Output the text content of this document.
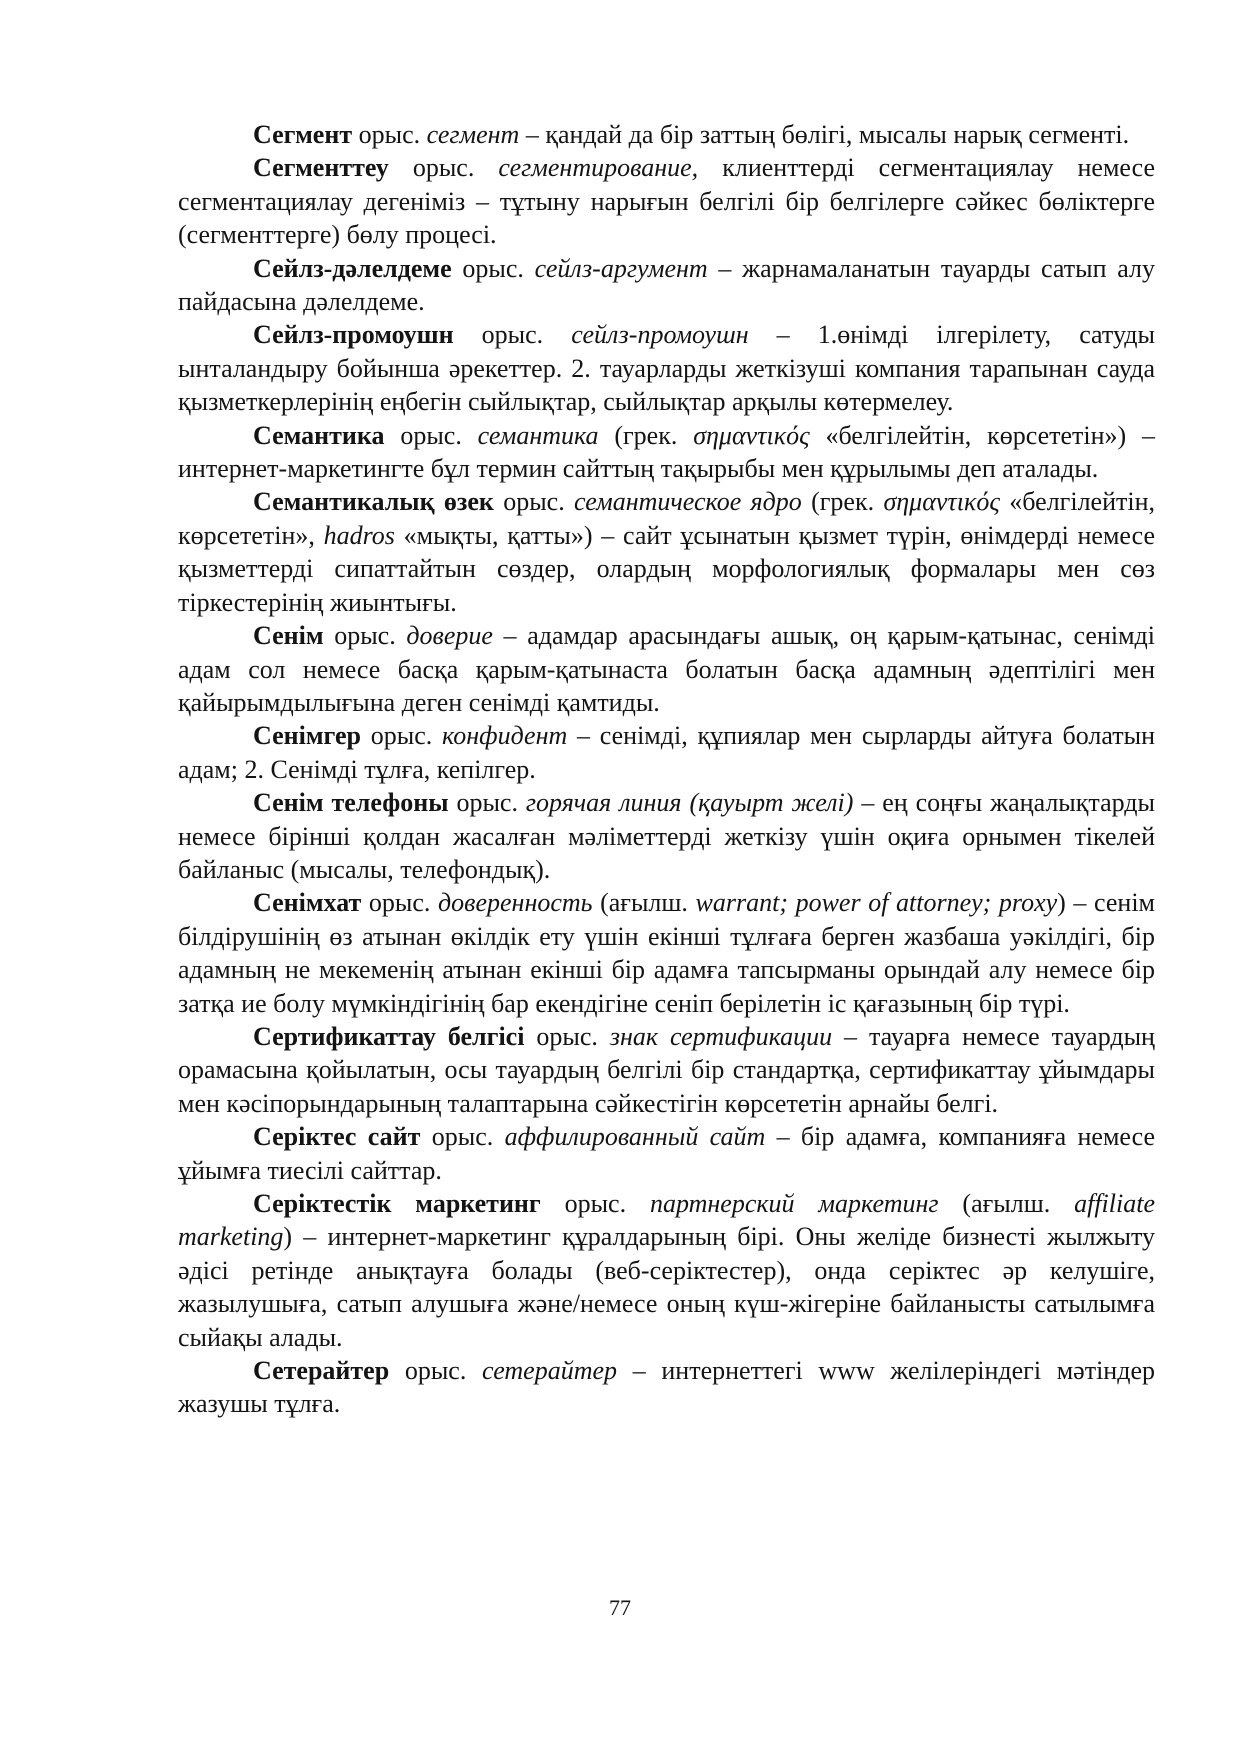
Сегмент орыс. сегмент – қандай да бір заттың бөлігі, мысалы нарық сегменті.

Сегменттеу орыс. сегментирование, клиенттерді сегментациялау немесе сегментациялау дегеніміз – тұтыну нарығын белгілі бір белгілерге сәйкес бөліктерге (сегменттерге) бөлу процесі.

Сейлз-дәлелдеме орыс. сейлз-аргумент – жарнамаланатын тауарды сатып алу пайдасына дәлелдеме.

Сейлз-промоушн орыс. сейлз-промоушн – 1.өнімді ілгерілету, сатуды ынталандыру бойынша әрекеттер. 2. тауарларды жеткізуші компания тарапынан сауда қызметкерлерінің еңбегін сыйлықтар, сыйлықтар арқылы көтермелеу.

Семантика орыс. семантика (грек. σημαντικός «белгілейтін, көрсететін») – интернет-маркетингте бұл термин сайттың тақырыбы мен құрылымы деп аталады.

Семантикалық өзек орыс. семантическое ядро (грек. σημαντικός «белгілейтін, көрсететін», hadros «мықты, қатты») – сайт ұсынатын қызмет түрін, өнімдерді немесе қызметтерді сипаттайтын сөздер, олардың морфологиялық формалары мен сөз тіркестерінің жиынтығы.

Сенім орыс. доверие – адамдар арасындағы ашық, оң қарым-қатынас, сенімді адам сол немесе басқа қарым-қатынаста болатын басқа адамның әдептілігі мен қайырымдылығына деген сенімді қамтиды.

Сенімгер орыс. конфидент – сенімді, құпиялар мен сырларды айтуға болатын адам; 2. Сенімді тұлға, кепілгер.

Сенім телефоны орыс. горячая линия (қауырт желі) – ең соңғы жаңалықтарды немесе бірінші қолдан жасалған мәліметтерді жеткізу үшін оқиға орнымен тікелей байланыс (мысалы, телефондық).

Сенімхат орыс. доверенность (ағылш. warrant; power of attorney; proxy) – сенім білдірушінің өз атынан өкілдік ету үшін екінші тұлғаға берген жазбаша уәкілдігі, бір адамның не мекеменің атынан екінші бір адамға тапсырманы орындай алу немесе бір затқа ие болу мүмкіндігінің бар екендігіне сеніп берілетін іс қағазының бір түрі.

Сертификаттау белгісі орыс. знак сертификации – тауарға немесе тауардың орамасына қойылатын, осы тауардың белгілі бір стандартқа, сертификаттау ұйымдары мен кәсіпорындарының талаптарына сәйкестігін көрсететін арнайы белгі.

Серіктес сайт орыс. аффилированный сайт – бір адамға, компанияға немесе ұйымға тиесілі сайттар.

Серіктестік маркетинг орыс. партнерский маркетинг (ағылш. affiliate marketing) – интернет-маркетинг құралдарының бірі. Оны желіде бизнесті жылжыту әдісі ретінде анықтауға болады (веб-серіктестер), онда серіктес әр келушіге, жазылушыға, сатып алушыға және/немесе оның күш-жігеріне байланысты сатылымға сыйақы алады.

Сетерайтер орыс. сетерайтер – интернеттегі www желілеріндегі мәтіндер жазушы тұлға.

77
